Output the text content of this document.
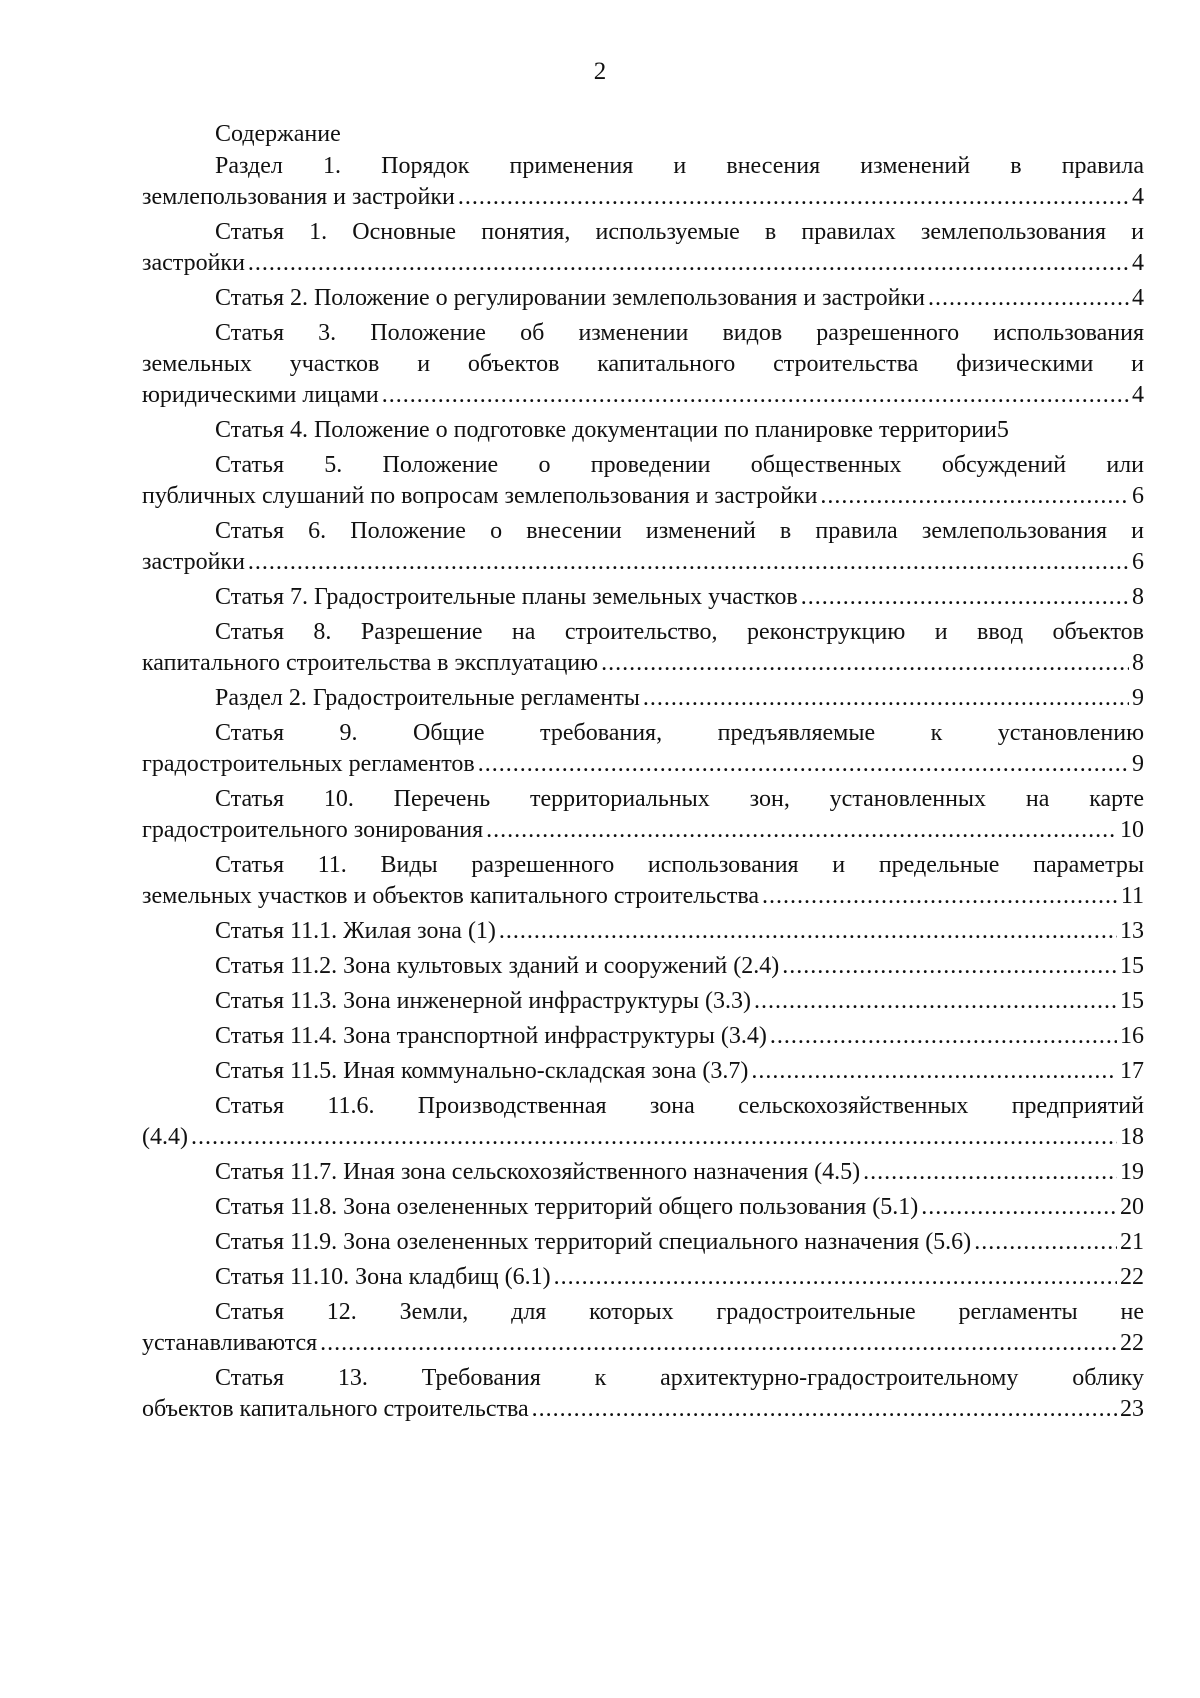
2
Содержание
Раздел 1. Порядок применения и внесения изменений в правила
землепользования и застройки .....	4
Статья 1. Основные понятия, используемые в правилах землепользования и
застройки .....	4
Статья 2. Положение о регулировании землепользования и застройки .....	4
Статья 3. Положение об изменении видов разрешенного использования
земельных участков и объектов капитального строительства физическими и
юридическими лицами .....	4
Статья 4. Положение о подготовке документации по планировке территории 5
Статья 5. Положение о проведении общественных обсуждений или
публичных слушаний по вопросам землепользования и застройки .....	6
Статья 6. Положение о внесении изменений в правила землепользования и
застройки .....	6
Статья 7. Градостроительные планы земельных участков .....	8
Статья 8. Разрешение на строительство, реконструкцию и ввод объектов
капитального строительства в эксплуатацию .....	8
Раздел 2. Градостроительные регламенты .....	9
Статья 9. Общие требования, предъявляемые к установлению
градостроительных регламентов .....	9
Статья 10. Перечень территориальных зон, установленных на карте
градостроительного зонирования .....	10
Статья 11. Виды разрешенного использования и предельные параметры
земельных участков и объектов капитального строительства .....	11
Статья 11.1. Жилая зона (1) .....	13
Статья 11.2. Зона культовых зданий и сооружений (2.4) .....	15
Статья 11.3. Зона инженерной инфраструктуры (3.3) .....	15
Статья 11.4. Зона транспортной инфраструктуры (3.4) .....	16
Статья 11.5. Иная коммунально-складская зона (3.7) .....	17
Статья 11.6. Производственная зона сельскохозяйственных предприятий
(4.4) .....	18
Статья 11.7. Иная зона сельскохозяйственного назначения (4.5) .....	19
Статья 11.8. Зона озелененных территорий общего пользования (5.1) .....	20
Статья 11.9. Зона озелененных территорий специального назначения (5.6) .....	21
Статья 11.10. Зона кладбищ (6.1) .....	22
Статья 12. Земли, для которых градостроительные регламенты не
устанавливаются .....	22
Статья 13. Требования к архитектурно-градостроительному облику
объектов капитального строительства .....	23
